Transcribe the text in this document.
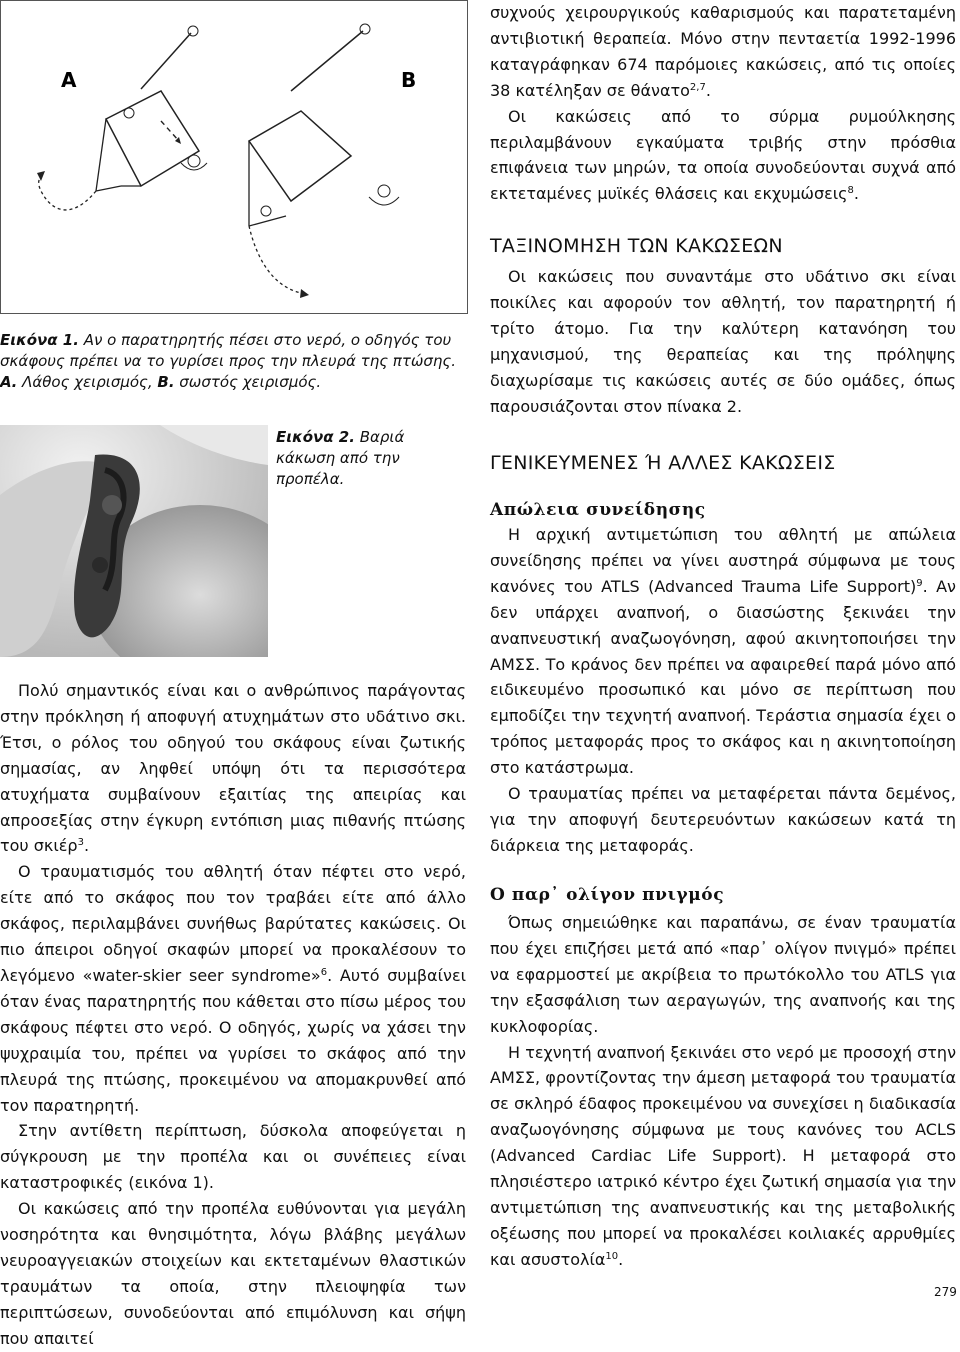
A	B

Εικόνα 1. Αν ο παρατηρητής πέσει στο νερό, ο οδηγός του σκάφους πρέπει να το γυρίσει προς την πλευρά της πτώσης. Α. Λάθος χειρισμός, Β. σωστός χειρισμός.

Εικόνα 2. Βαριά κάκωση από την προπέλα.

Πολύ σημαντικός είναι και ο ανθρώπινος παράγοντας στην πρόκληση ή αποφυγή ατυχημάτων στο υδάτινο σκι. Έτσι, ο ρόλος του οδηγού του σκάφους είναι ζωτικής σημασίας, αν ληφθεί υπόψη ότι τα περισσότερα ατυχήματα συμβαίνουν εξαιτίας της απειρίας και απροσεξίας στην έγκυρη εντόπιση μιας πιθανής πτώσης του σκιέρ$^3$.

Ο τραυματισμός του αθλητή όταν πέφτει στο νερό, είτε από το σκάφος που τον τραβάει είτε από άλλο σκάφος, περιλαμβάνει συνήθως βαρύτατες κακώσεις. Οι πιο άπειροι οδηγοί σκαφών μπορεί να προκαλέσουν το λεγόμενο «water-skier seer syndrome»$^6$. Αυτό συμβαίνει όταν ένας παρατηρητής που κάθεται στο πίσω μέρος του σκάφους πέφτει στο νερό. Ο οδηγός, χωρίς να χάσει την ψυχραιμία του, πρέπει να γυρίσει το σκάφος από την πλευρά της πτώσης, προκειμένου να απομακρυνθεί από τον παρατηρητή.

Στην αντίθετη περίπτωση, δύσκολα αποφεύγεται η σύγκρουση με την προπέλα και οι συνέπειες είναι καταστροφικές (εικόνα 1).

Οι κακώσεις από την προπέλα ευθύνονται για μεγάλη νοσηρότητα και θνησιμότητα, λόγω βλάβης μεγάλων νευροαγγειακών στοιχείων και εκτεταμένων θλαστικών τραυμάτων τα οποία, στην πλειοψηφία των περιπτώσεων, συνοδεύονται από επιμόλυνση και σήψη που απαιτεί

συχνούς χειρουργικούς καθαρισμούς και παρατεταμένη αντιβιοτική θεραπεία. Μόνο στην πενταετία 1992-1996 καταγράφηκαν 674 παρόμοιες κακώσεις, από τις οποίες 38 κατέληξαν σε θάνατο$^{2,7}$.

Οι κακώσεις από το σύρμα ρυμούλκησης περιλαμβάνουν εγκαύματα τριβής στην πρόσθια επιφάνεια των μηρών, τα οποία συνοδεύονται συχνά από εκτεταμένες μυϊκές θλάσεις και εκχυμώσεις$^8$.

ΤΑΞΙΝΟΜΗΣΗ ΤΩΝ ΚΑΚΩΣΕΩΝ

Οι κακώσεις που συναντάμε στο υδάτινο σκι είναι ποικίλες και αφορούν τον αθλητή, τον παρατηρητή ή τρίτο άτομο. Για την καλύτερη κατανόηση του μηχανισμού, της θεραπείας και της πρόληψης διαχωρίσαμε τις κακώσεις αυτές σε δύο ομάδες, όπως παρουσιάζονται στον πίνακα 2.

ΓΕΝΙΚΕΥΜΕΝΕΣ Ή ΑΛΛΕΣ ΚΑΚΩΣΕΙΣ
Απώλεια συνείδησης

Η αρχική αντιμετώπιση του αθλητή με απώλεια συνείδησης πρέπει να γίνει αυστηρά σύμφωνα με τους κανόνες του ATLS (Advanced Trauma Life Support)$^9$. Αν δεν υπάρχει αναπνοή, ο διασώστης ξεκινάει την αναπνευστική αναζωογόνηση, αφού ακινητοποιήσει την ΑΜΣΣ. Το κράνος δεν πρέπει να αφαιρεθεί παρά μόνο από ειδικευμένο προσωπικό και μόνο σε περίπτωση που εμποδίζει την τεχνητή αναπνοή. Τεράστια σημασία έχει ο τρόπος μεταφοράς προς το σκάφος και η ακινητοποίηση στο κατάστρωμα.

Ο τραυματίας πρέπει να μεταφέρεται πάντα δεμένος, για την αποφυγή δευτερευόντων κακώσεων κατά τη διάρκεια της μεταφοράς.

Ο παρ᾽ ολίγον πνιγμός

Όπως σημειώθηκε και παραπάνω, σε έναν τραυματία που έχει επιζήσει μετά από «παρ᾽ ολίγον πνιγμό» πρέπει να εφαρμοστεί με ακρίβεια το πρωτόκολλο του ATLS για την εξασφάλιση των αεραγωγών, της αναπνοής και της κυκλοφορίας.

Η τεχνητή αναπνοή ξεκινάει στο νερό με προσοχή στην ΑΜΣΣ, φροντίζοντας την άμεση μεταφορά του τραυματία σε σκληρό έδαφος προκειμένου να συνεχίσει η διαδικασία αναζωογόνησης σύμφωνα με τους κανόνες του ACLS (Advanced Cardiac Life Support). Η μεταφορά στο πλησιέστερο ιατρικό κέντρο έχει ζωτική σημασία για την αντιμετώπιση της αναπνευστικής και της μεταβολικής οξέωσης που μπορεί να προκαλέσει κοιλιακές αρρυθμίες και ασυστολία$^{10}$.

279
